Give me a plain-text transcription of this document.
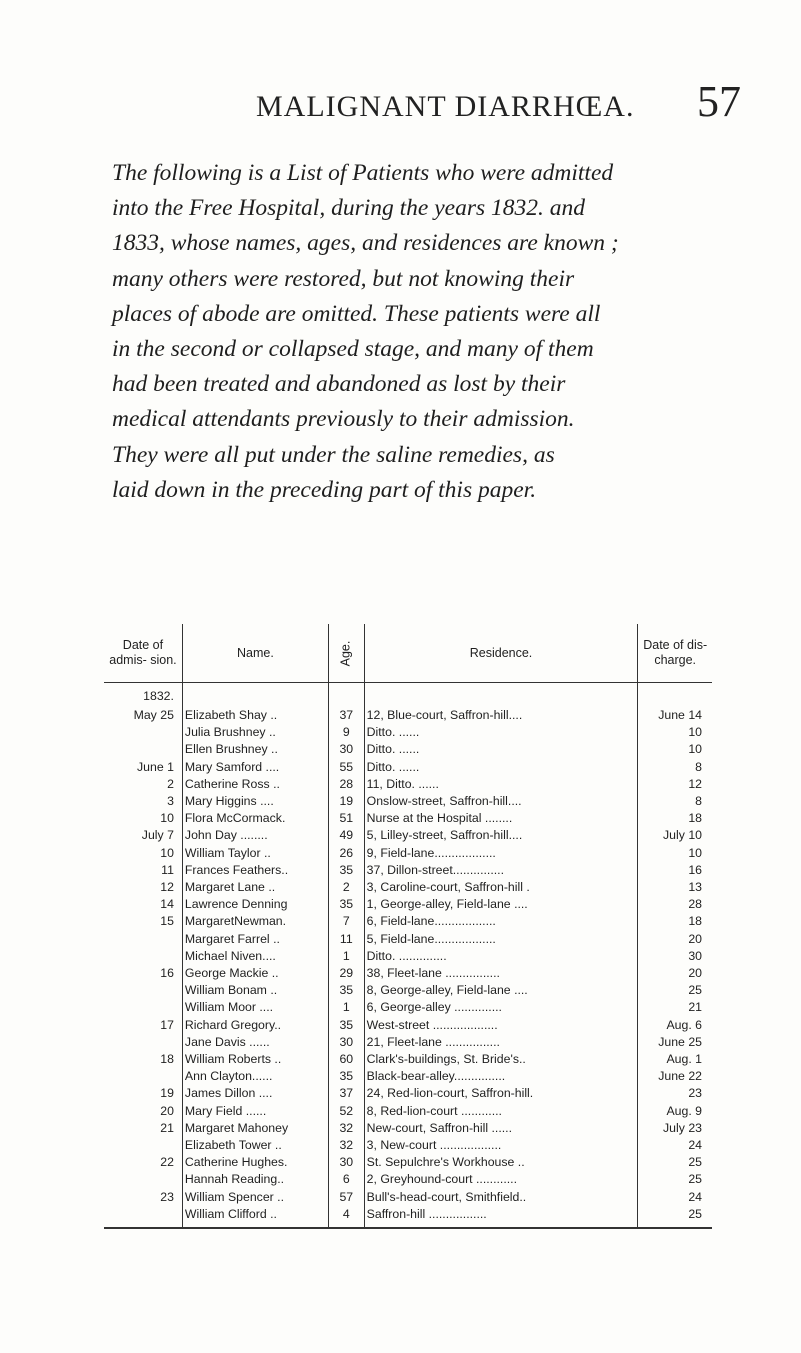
MALIGNANT DIARRHŒA. 57
The following is a List of Patients who were admitted
into the Free Hospital, during the years 1832. and
1833, whose names, ages, and residences are known ;
many others were restored, but not knowing their
places of abode are omitted. These patients were all
in the second or collapsed stage, and many of them
had been treated and abandoned as lost by their
medical attendants previously to their admission.
They were all put under the saline remedies, as
laid down in the preceding part of this paper.
Date of admis- sion.	Name.	Age.	Residence.	Date of dis- charge.
1832.				
May 25	Elizabeth Shay ..	37	12, Blue-court, Saffron-hill....	June 14
	Julia Brushney ..	9	Ditto. ......	10
	Ellen Brushney ..	30	Ditto. ......	10
June 1	Mary Samford ....	55	Ditto. ......	8
2	Catherine Ross ..	28	11, Ditto. ......	12
3	Mary Higgins ....	19	Onslow-street, Saffron-hill....	8
10	Flora McCormack.	51	Nurse at the Hospital ........	18
July 7	John Day ........	49	5, Lilley-street, Saffron-hill....	July 10
10	William Taylor ..	26	9, Field-lane..................	10
11	Frances Feathers..	35	37, Dillon-street...............	16
12	Margaret Lane ..	2	3, Caroline-court, Saffron-hill .	13
14	Lawrence Denning	35	1, George-alley, Field-lane ....	28
15	MargaretNewman.	7	6, Field-lane..................	18
	Margaret Farrel ..	11	5, Field-lane..................	20
	Michael Niven....	1	Ditto. ..............	30
16	George Mackie ..	29	38, Fleet-lane ................	20
	William Bonam ..	35	8, George-alley, Field-lane ....	25
	William Moor ....	1	6, George-alley ..............	21
17	Richard Gregory..	35	West-street ...................	Aug. 6
	Jane Davis ......	30	21, Fleet-lane ................	June 25
18	William Roberts ..	60	Clark's-buildings, St. Bride's..	Aug. 1
	Ann Clayton......	35	Black-bear-alley...............	June 22
19	James Dillon ....	37	24, Red-lion-court, Saffron-hill.	23
20	Mary Field ......	52	8, Red-lion-court ............	Aug. 9
21	Margaret Mahoney	32	New-court, Saffron-hill ......	July 23
	Elizabeth Tower ..	32	3, New-court ..................	24
22	Catherine Hughes.	30	St. Sepulchre's Workhouse ..	25
	Hannah Reading..	6	2, Greyhound-court ............	25
23	William Spencer ..	57	Bull's-head-court, Smithfield..	24
	William Clifford ..	4	Saffron-hill .................	25
